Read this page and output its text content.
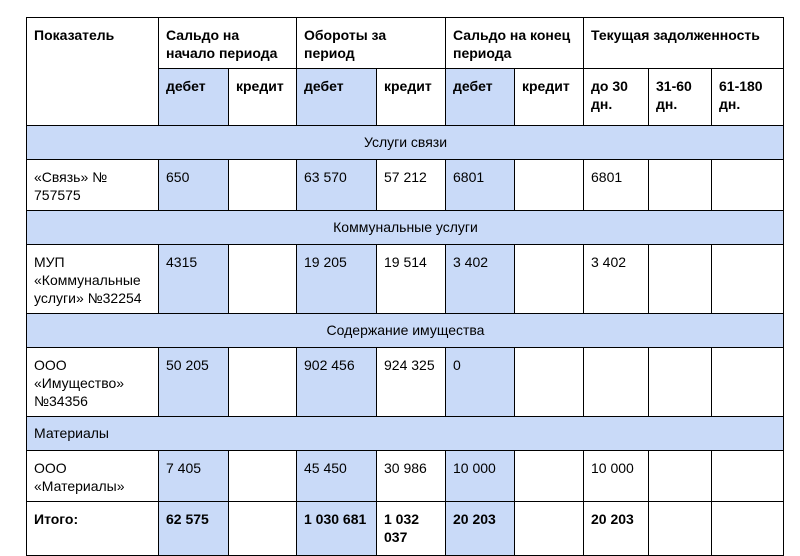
Показатель	Сальдо на начало периода		Обороты за период		Сальдо на конец периода		Текущая задолженность		
	дебет	кредит	дебет	кредит	дебет	кредит	до 30 дн.	31-60 дн.	61-180 дн.
Услуги связи									
«Связь» № 757575	650		63 570	57 212	6801		6801		
Коммунальные услуги									
МУП «Коммунальные услуги» №32254	4315		19 205	19 514	3 402		3 402		
Содержание имущества									
ООО «Имущество» №34356	50 205		902 456	924 325	0				
Материалы									
ООО «Материалы»	7 405		45 450	30 986	10 000		10 000		
Итого:	62 575		1 030 681	1 032 037	20 203		20 203		
